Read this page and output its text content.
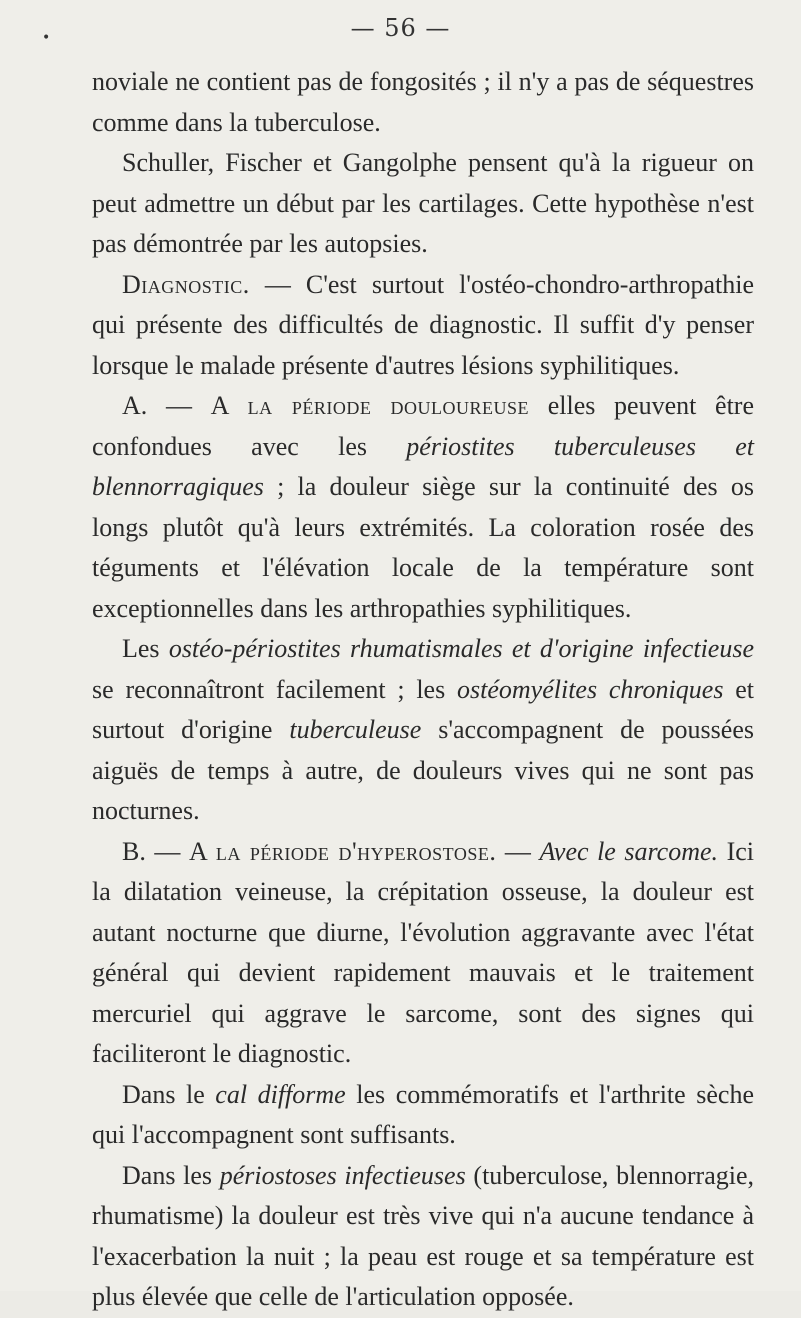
•	— 56 —

noviale ne contient pas de fongosités ; il n'y a pas de séquestres comme dans la tuberculose.

Schuller, Fischer et Gangolphe pensent qu'à la rigueur on peut admettre un début par les cartilages. Cette hypothèse n'est pas démontrée par les autopsies.

Diagnostic. — C'est surtout l'ostéo-chondro-arthropathie qui présente des difficultés de diagnostic. Il suffit d'y penser lorsque le malade présente d'autres lésions syphilitiques.

A. — A la période douloureuse elles peuvent être confondues avec les périostites tuberculeuses et blennorragiques ; la douleur siège sur la continuité des os longs plutôt qu'à leurs extrémités. La coloration rosée des téguments et l'élévation locale de la température sont exceptionnelles dans les arthropathies syphilitiques.

Les ostéo-périostites rhumatismales et d'origine infectieuse se reconnaîtront facilement ; les ostéomyélites chroniques et surtout d'origine tuberculeuse s'accompagnent de poussées aiguës de temps à autre, de douleurs vives qui ne sont pas nocturnes.

B. — A la période d'hyperostose. — Avec le sarcome. Ici la dilatation veineuse, la crépitation osseuse, la douleur est autant nocturne que diurne, l'évolution aggravante avec l'état général qui devient rapidement mauvais et le traitement mercuriel qui aggrave le sarcome, sont des signes qui faciliteront le diagnostic.

Dans le cal difforme les commémoratifs et l'arthrite sèche qui l'accompagnent sont suffisants.

Dans les périostoses infectieuses (tuberculose, blennorragie, rhumatisme) la douleur est très vive qui n'a aucune tendance à l'exacerbation la nuit ; la peau est rouge et sa température est plus élevée que celle de l'articulation opposée.
